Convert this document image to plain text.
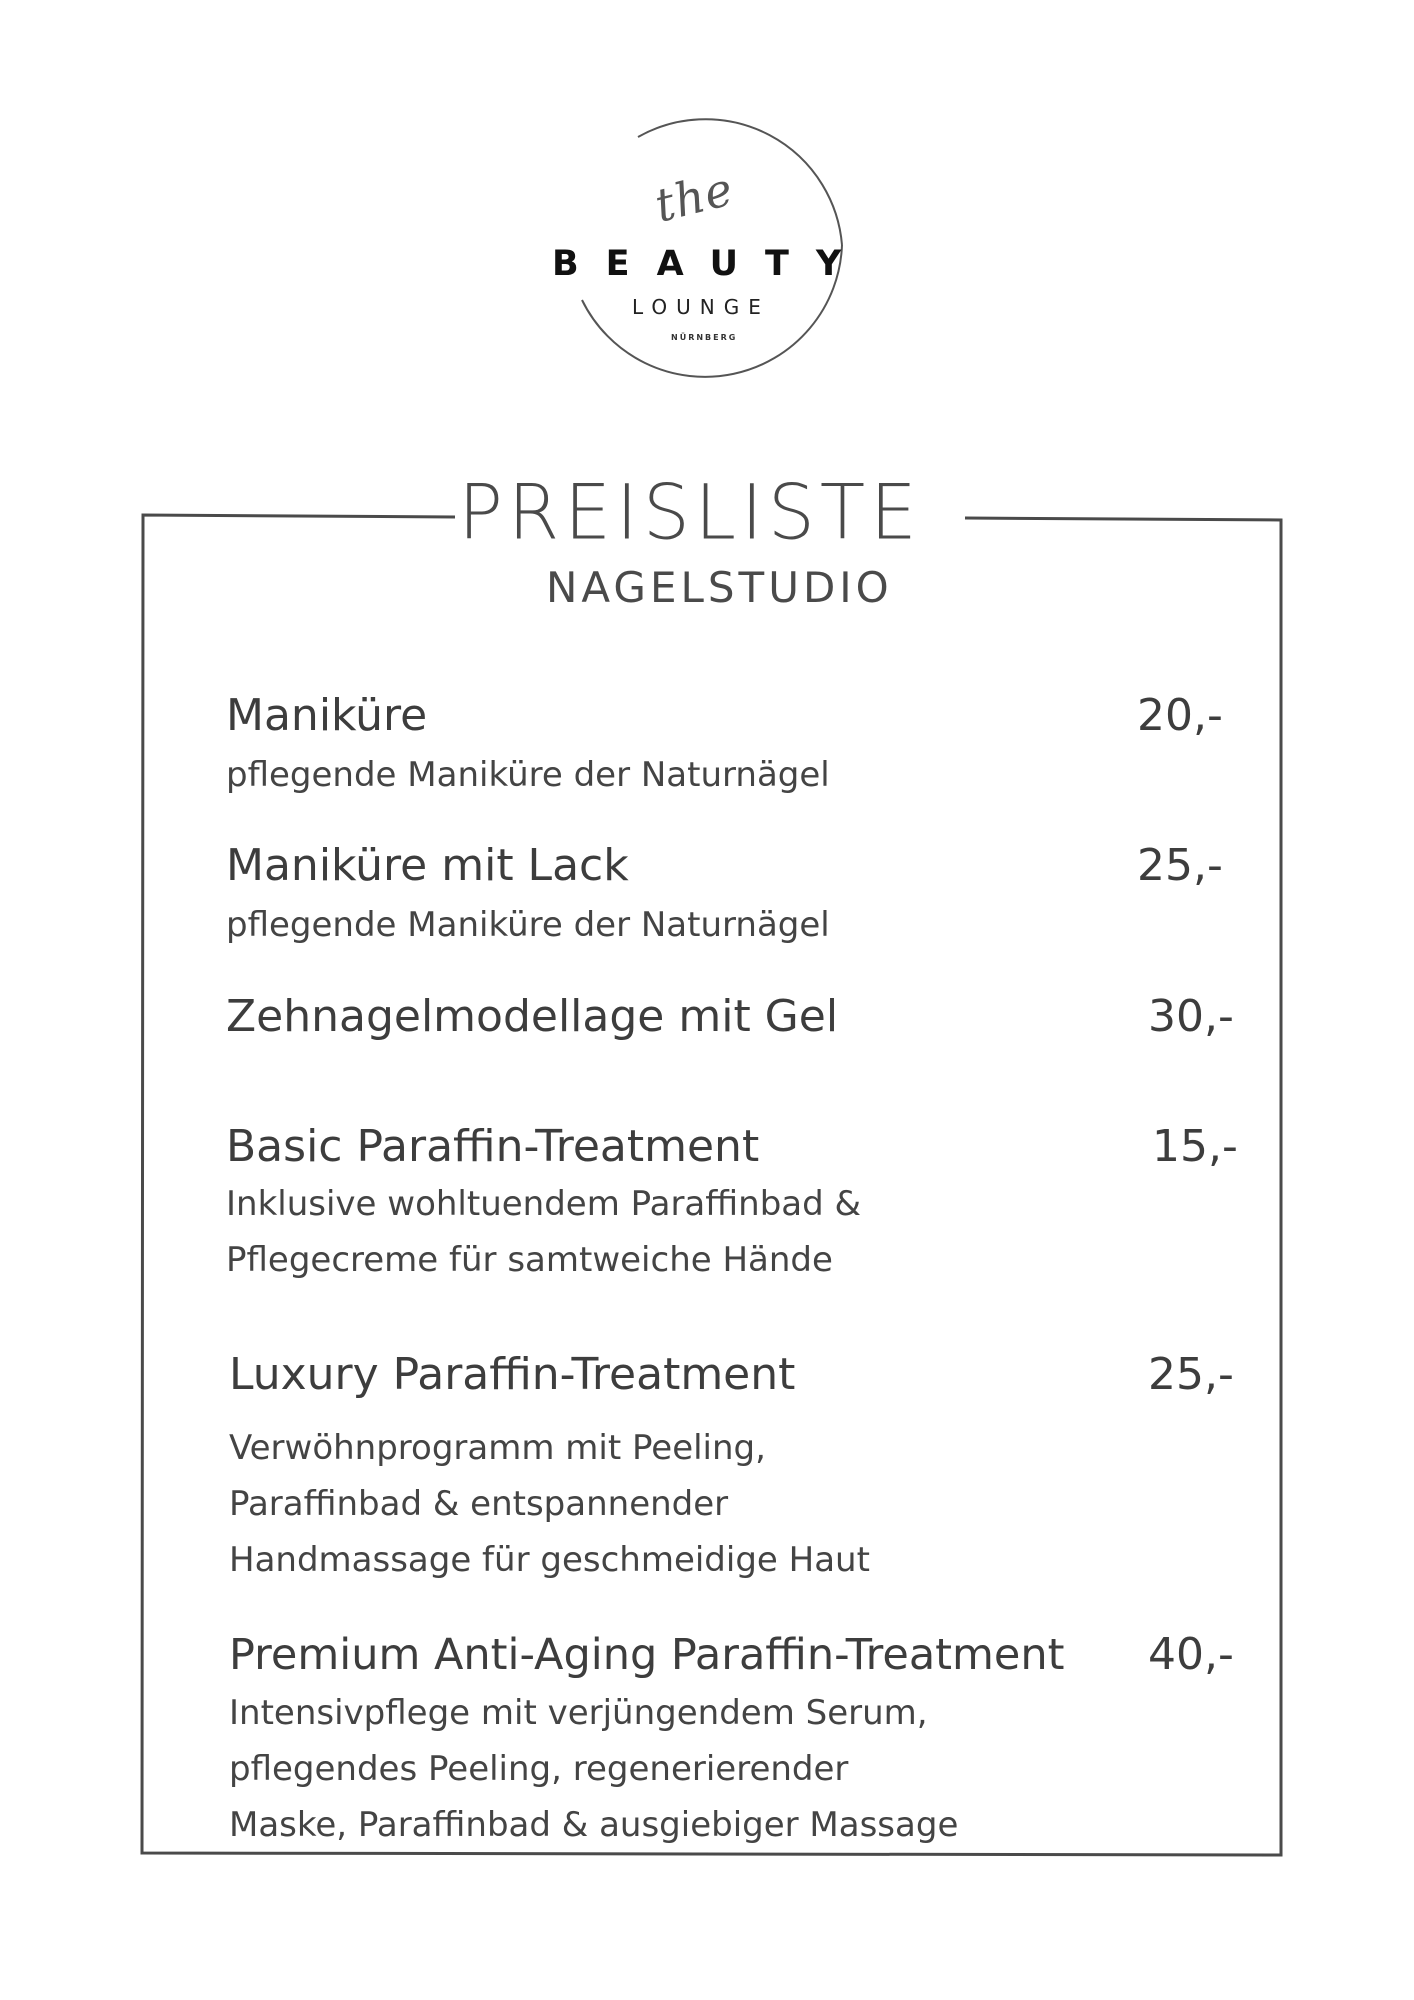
the
BEAUTY
LOUNGE
NÜRNBERG
PREISLISTE
NAGELSTUDIO
Maniküre	20,-
pflegende Maniküre der Naturnägel
Maniküre mit Lack	25,-
pflegende Maniküre der Naturnägel
Zehnagelmodellage mit Gel	30,-
Basic Paraffin-Treatment	15,-
Inklusive wohltuendem Paraffinbad &
Pflegecreme für samtweiche Hände
Luxury Paraffin-Treatment	25,-
Verwöhnprogramm mit Peeling,
Paraffinbad & entspannender
Handmassage für geschmeidige Haut
Premium Anti-Aging Paraffin-Treatment 40,-
Intensivpflege mit verjüngendem Serum,
pflegendes Peeling, regenerierender
Maske, Paraffinbad & ausgiebiger Massage
